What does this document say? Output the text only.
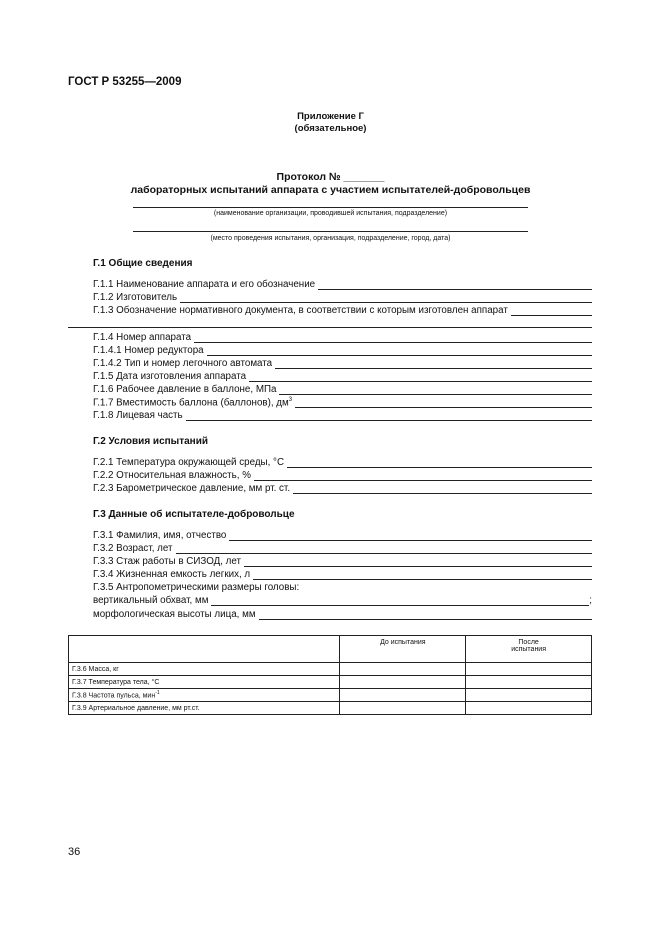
ГОСТ Р 53255—2009
Приложение Г
(обязательное)
Протокол № _______
лабораторных испытаний аппарата с участием испытателей-добровольцев
(наименование организации, проводившей испытания, подразделение)
(место проведения испытания, организация, подразделение, город, дата)
Г.1 Общие сведения
Г.1.1 Наименование аппарата и его обозначение
Г.1.2 Изготовитель
Г.1.3 Обозначение нормативного документа, в соответствии с которым изготовлен аппарат
Г.1.4 Номер аппарата
Г.1.4.1 Номер редуктора
Г.1.4.2 Тип и номер легочного автомата
Г.1.5 Дата изготовления аппарата
Г.1.6 Рабочее давление в баллоне, МПа
Г.1.7 Вместимость баллона (баллонов), $дм^3$
Г.1.8 Лицевая часть
Г.2 Условия испытаний
Г.2.1 Температура окружающей среды, °С
Г.2.2 Относительная влажность, %
Г.2.3 Барометрическое давление, мм рт. ст.
Г.3 Данные об испытателе-добровольце
Г.3.1 Фамилия, имя, отчество
Г.3.2 Возраст, лет
Г.3.3 Стаж работы в СИЗОД, лет
Г.3.4 Жизненная емкость легких, л
Г.3.5 Антропометрическими размеры головы:
вертикальный обхват, мм	;
морфологическая высоты лица, мм
	До испытания	После
испытания
Г.3.6 Масса, кг		
Г.3.7 Температура тела, °С		
Г.3.8 Частота пульса, мин$^{-1}$		
Г.3.9 Артериальное давление, мм рт.ст.		
36
